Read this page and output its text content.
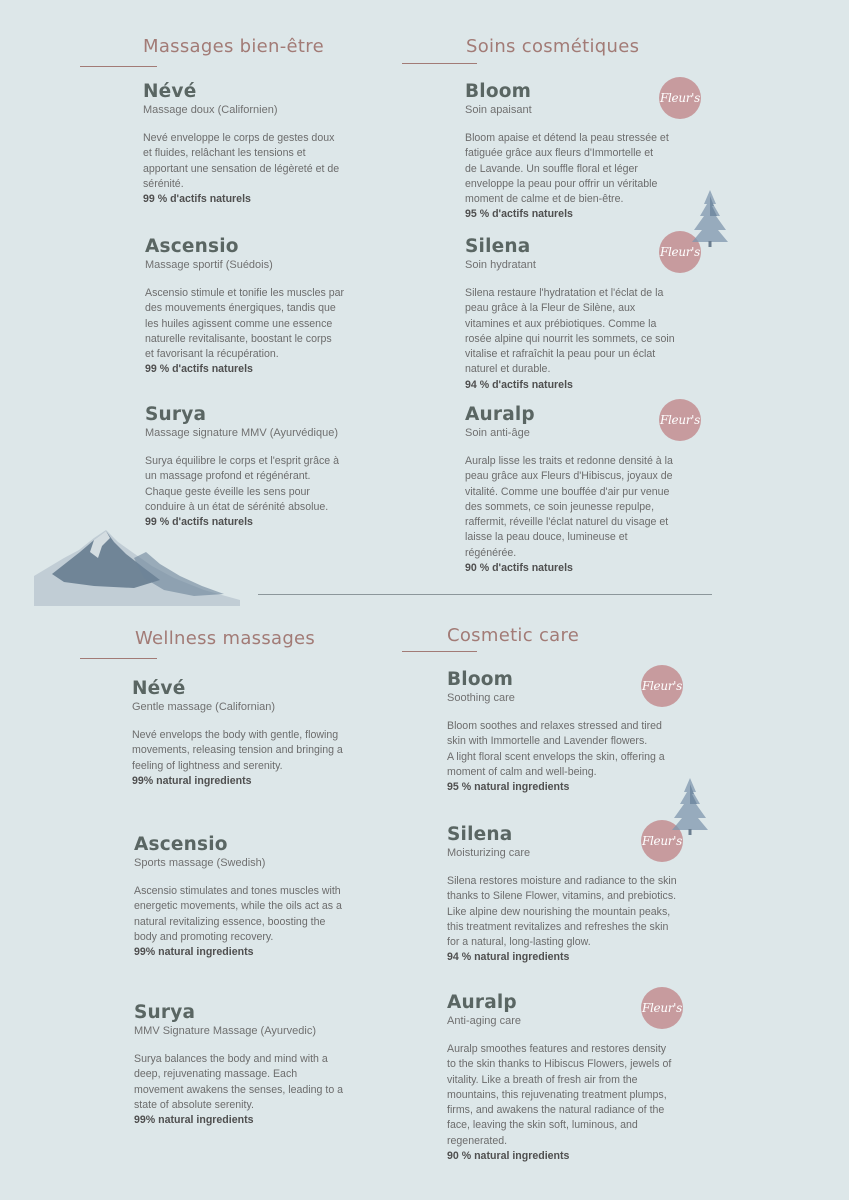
Massages bien-être	Soins cosmétiques
Névé
Massage doux (Californien)
Nevé enveloppe le corps de gestes doux
et fluides, relâchant les tensions et
apportant une sensation de légèreté et de
sérénité.
99 % d'actifs naturels
Ascensio
Massage sportif (Suédois)
Ascensio stimule et tonifie les muscles par
des mouvements énergiques, tandis que
les huiles agissent comme une essence
naturelle revitalisante, boostant le corps
et favorisant la récupération.
99 % d'actifs naturels
Surya
Massage signature MMV (Ayurvédique)
Surya équilibre le corps et l'esprit grâce à
un massage profond et régénérant.
Chaque geste éveille les sens pour
conduire à un état de sérénité absolue.
99 % d'actifs naturels
Bloom
Soin apaisant
Bloom apaise et détend la peau stressée et
fatiguée grâce aux fleurs d'Immortelle et
de Lavande. Un souffle floral et léger
enveloppe la peau pour offrir un véritable
moment de calme et de bien-être.
95 % d'actifs naturels
Fleur's
Silena
Soin hydratant
Silena restaure l'hydratation et l'éclat de la
peau grâce à la Fleur de Silène, aux
vitamines et aux prébiotiques. Comme la
rosée alpine qui nourrit les sommets, ce soin
vitalise et rafraîchit la peau pour un éclat
naturel et durable.
94 % d'actifs naturels
Fleur's
Auralp
Soin anti-âge
Auralp lisse les traits et redonne densité à la
peau grâce aux Fleurs d'Hibiscus, joyaux de
vitalité. Comme une bouffée d'air pur venue
des sommets, ce soin jeunesse repulpe,
raffermit, réveille l'éclat naturel du visage et
laisse la peau douce, lumineuse et
régénérée.
90 % d'actifs naturels
Fleur's
Wellness massages	Cosmetic care
Névé
Gentle massage (Californian)
Nevé envelops the body with gentle, flowing
movements, releasing tension and bringing a
feeling of lightness and serenity.
99% natural ingredients
Ascensio
Sports massage (Swedish)
Ascensio stimulates and tones muscles with
energetic movements, while the oils act as a
natural revitalizing essence, boosting the
body and promoting recovery.
99% natural ingredients
Surya
MMV Signature Massage (Ayurvedic)
Surya balances the body and mind with a
deep, rejuvenating massage. Each
movement awakens the senses, leading to a
state of absolute serenity.
99% natural ingredients
Bloom
Soothing care
Bloom soothes and relaxes stressed and tired
skin with Immortelle and Lavender flowers.
A light floral scent envelops the skin, offering a
moment of calm and well-being.
95 % natural ingredients
Fleur's
Silena
Moisturizing care
Silena restores moisture and radiance to the skin
thanks to Silene Flower, vitamins, and prebiotics.
Like alpine dew nourishing the mountain peaks,
this treatment revitalizes and refreshes the skin
for a natural, long-lasting glow.
94 % natural ingredients
Fleur's
Auralp
Anti-aging care
Auralp smoothes features and restores density
to the skin thanks to Hibiscus Flowers, jewels of
vitality. Like a breath of fresh air from the
mountains, this rejuvenating treatment plumps,
firms, and awakens the natural radiance of the
face, leaving the skin soft, luminous, and
regenerated.
90 % natural ingredients
Fleur's
